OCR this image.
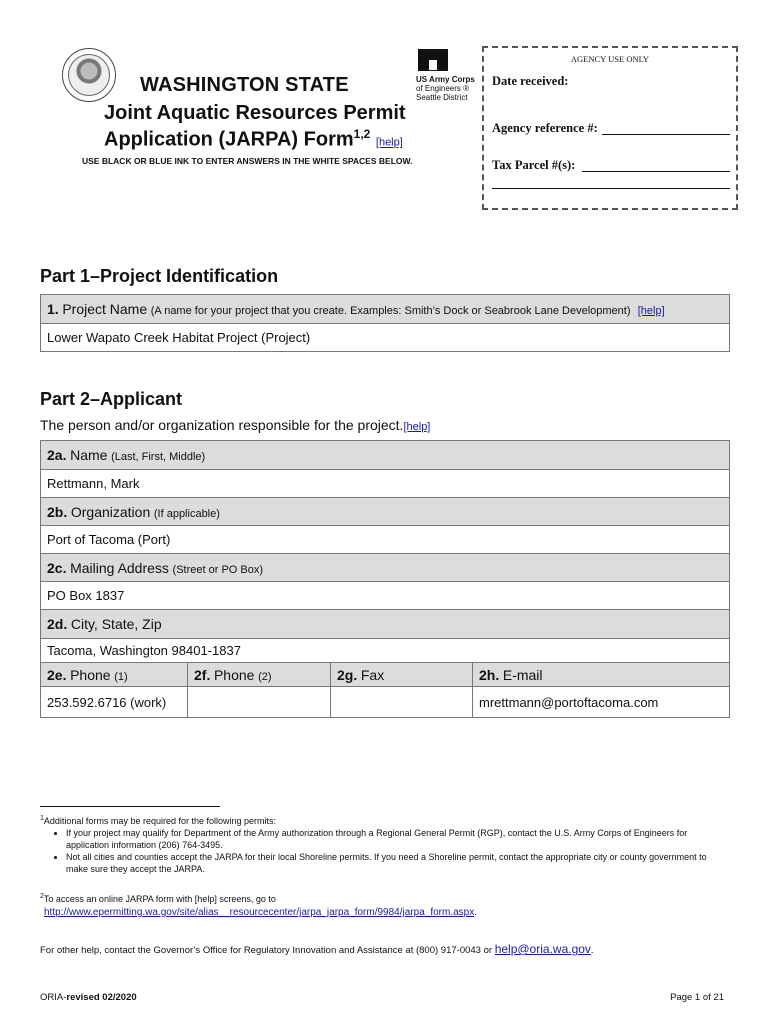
WASHINGTON STATE
Joint Aquatic Resources Permit
Application (JARPA) Form$^{1,2}$ [help]
USE BLACK OR BLUE INK TO ENTER ANSWERS IN THE WHITE SPACES BELOW.
US Army Corps
of Engineers ®
Seattle District
AGENCY USE ONLY
Date received:
Agency reference #:
Tax Parcel #(s):
Part 1–Project Identification
1. Project Name (A name for your project that you create. Examples: Smith’s Dock or Seabrook Lane Development) [help]
Lower Wapato Creek Habitat Project (Project)
Part 2–Applicant
The person and/or organization responsible for the project.[help]
2a. Name (Last, First, Middle)			
Rettmann, Mark			
2b. Organization (If applicable)			
Port of Tacoma (Port)			
2c. Mailing Address (Street or PO Box)			
PO Box 1837			
2d. City, State, Zip			
Tacoma, Washington 98401-1837			
2e. Phone (1)	2f. Phone (2)	2g. Fax	2h. E-mail
253.592.6716 (work)			mrettmann@portoftacoma.com
$^1$Additional forms may be required for the following permits:
• If your project may qualify for Department of the Army authorization through a Regional General Permit (RGP), contact the U.S. Army Corps of Engineers for application information (206) 764-3495.
• Not all cities and counties accept the JARPA for their local Shoreline permits. If you need a Shoreline permit, contact the appropriate city or county government to make sure they accept the JARPA.
$^2$To access an online JARPA form with [help] screens, go to
http://www.epermitting.wa.gov/site/alias__resourcecenter/jarpa_jarpa_form/9984/jarpa_form.aspx.
For other help, contact the Governor’s Office for Regulatory Innovation and Assistance at (800) 917-0043 or help@oria.wa.gov.
ORIA-revised 02/2020	Page 1 of 21
